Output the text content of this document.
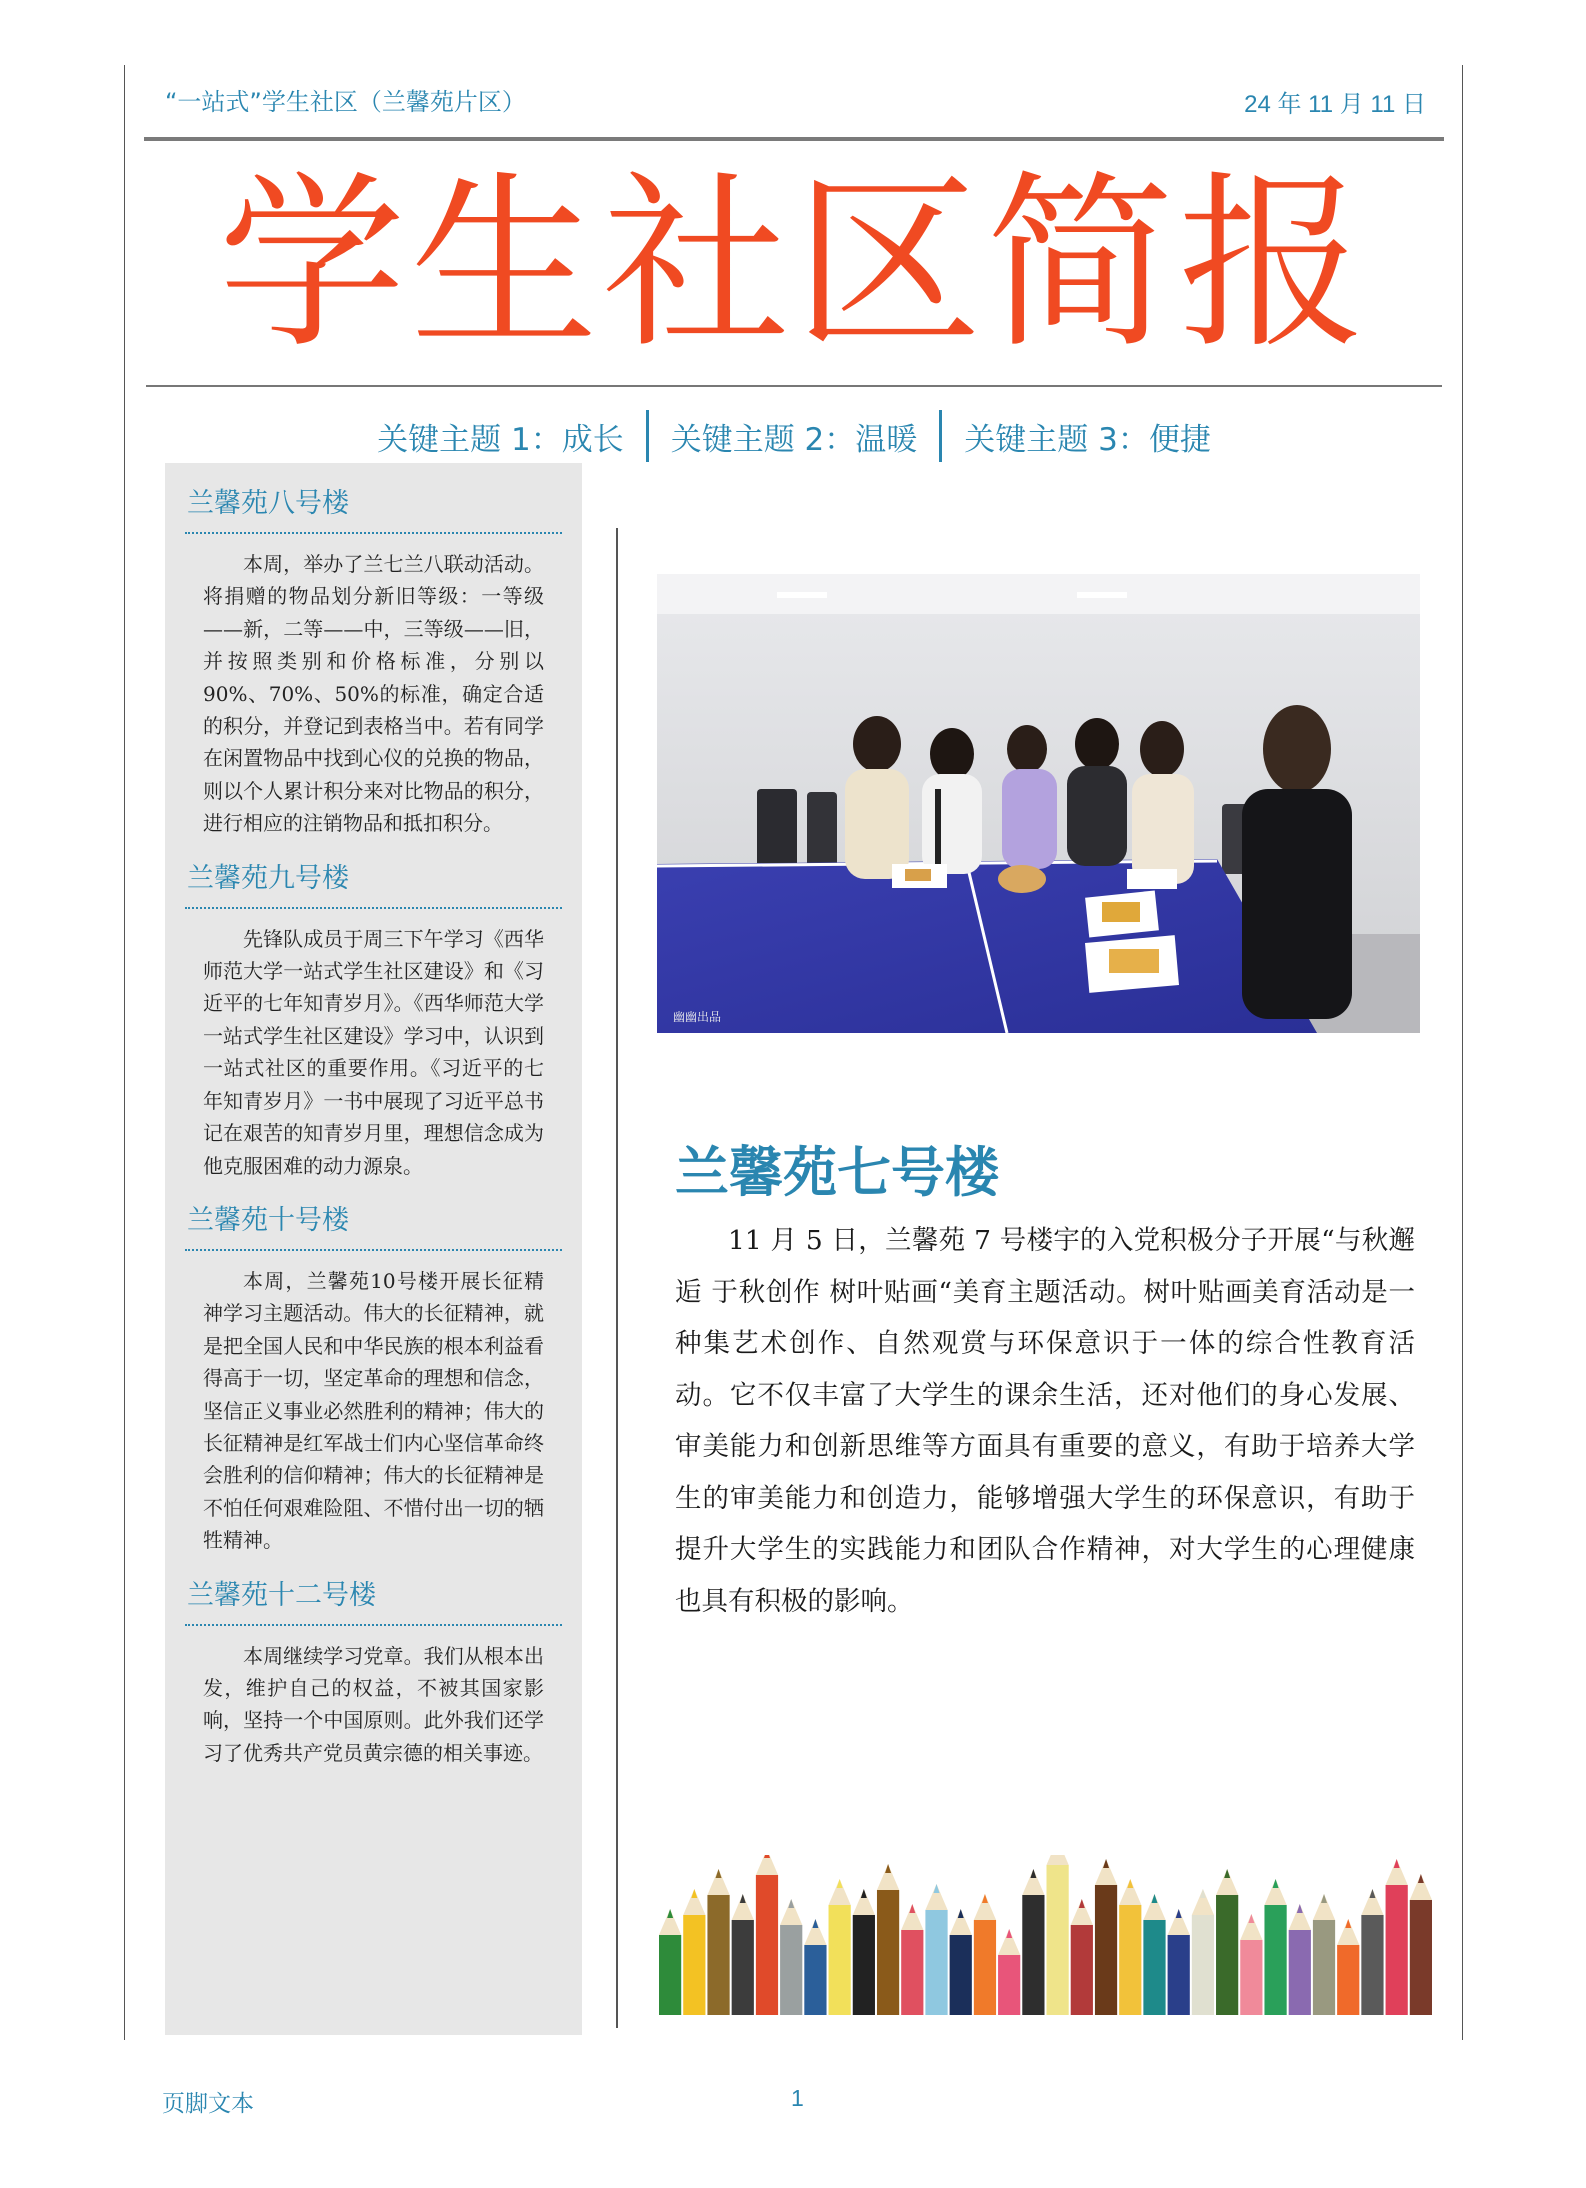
“一站式”学生社区（兰馨苑片区）	24 年 11 月 11 日
学生社区简报
关键主题 1：成长	关键主题 2：温暖	关键主题 3：便捷
兰馨苑八号楼

本周，举办了兰七兰八联动活动。将捐赠的物品划分新旧等级：一等级——新，二等——中，三等级——旧，并按照类别和价格标准，分别以90%、70%、50%的标准，确定合适的积分，并登记到表格当中。若有同学在闲置物品中找到心仪的兑换的物品，则以个人累计积分来对比物品的积分，进行相应的注销物品和抵扣积分。

兰馨苑九号楼

先锋队成员于周三下午学习《西华师范大学一站式学生社区建设》和《习近平的七年知青岁月》。《西华师范大学一站式学生社区建设》学习中，认识到一站式社区的重要作用。《习近平的七年知青岁月》一书中展现了习近平总书记在艰苦的知青岁月里，理想信念成为他克服困难的动力源泉。

兰馨苑十号楼

本周，兰馨苑10号楼开展长征精神学习主题活动。伟大的长征精神，就是把全国人民和中华民族的根本利益看得高于一切，坚定革命的理想和信念，坚信正义事业必然胜利的精神；伟大的长征精神是红军战士们内心坚信革命终会胜利的信仰精神；伟大的长征精神是不怕任何艰难险阻、不惜付出一切的牺牲精神。

兰馨苑十二号楼

本周继续学习党章。我们从根本出发，维护自己的权益，不被其国家影响，坚持一个中国原则。此外我们还学习了优秀共产党员黄宗德的相关事迹。

幽幽出品
兰馨苑七号楼

11 月 5 日，兰馨苑 7 号楼宇的入党积极分子开展“与秋邂逅 于秋创作 树叶贴画“美育主题活动。树叶贴画美育活动是一种集艺术创作、自然观赏与环保意识于一体的综合性教育活动。它不仅丰富了大学生的课余生活，还对他们的身心发展、审美能力和创新思维等方面具有重要的意义，有助于培养大学生的审美能力和创造力，能够增强大学生的环保意识，有助于提升大学生的实践能力和团队合作精神，对大学生的心理健康也具有积极的影响。

页脚文本	1
